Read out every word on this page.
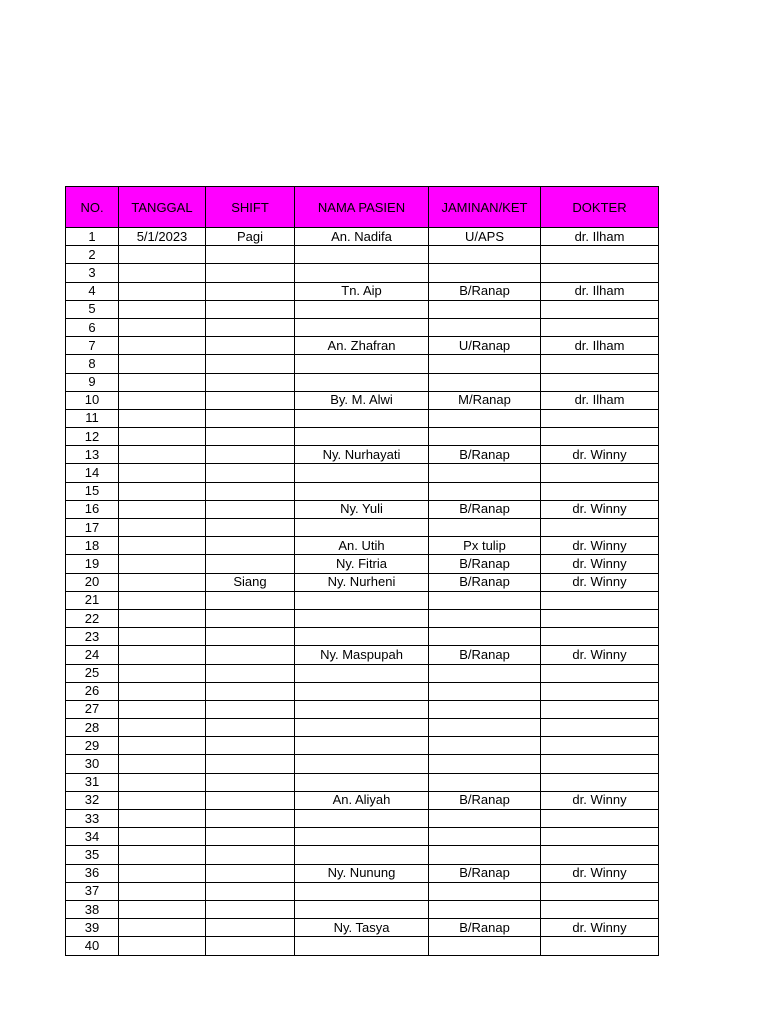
NO.	TANGGAL	SHIFT	NAMA PASIEN	JAMINAN/KET	DOKTER
1	5/1/2023	Pagi	An. Nadifa	U/APS	dr. Ilham
2					
3					
4			Tn. Aip	B/Ranap	dr. Ilham
5					
6					
7			An. Zhafran	U/Ranap	dr. Ilham
8					
9					
10			By. M. Alwi	M/Ranap	dr. Ilham
11					
12					
13			Ny. Nurhayati	B/Ranap	dr. Winny
14					
15					
16			Ny. Yuli	B/Ranap	dr. Winny
17					
18			An. Utih	Px tulip	dr. Winny
19			Ny. Fitria	B/Ranap	dr. Winny
20		Siang	Ny. Nurheni	B/Ranap	dr. Winny
21					
22					
23					
24			Ny. Maspupah	B/Ranap	dr. Winny
25					
26					
27					
28					
29					
30					
31					
32			An. Aliyah	B/Ranap	dr. Winny
33					
34					
35					
36			Ny. Nunung	B/Ranap	dr. Winny
37					
38					
39			Ny. Tasya	B/Ranap	dr. Winny
40					
